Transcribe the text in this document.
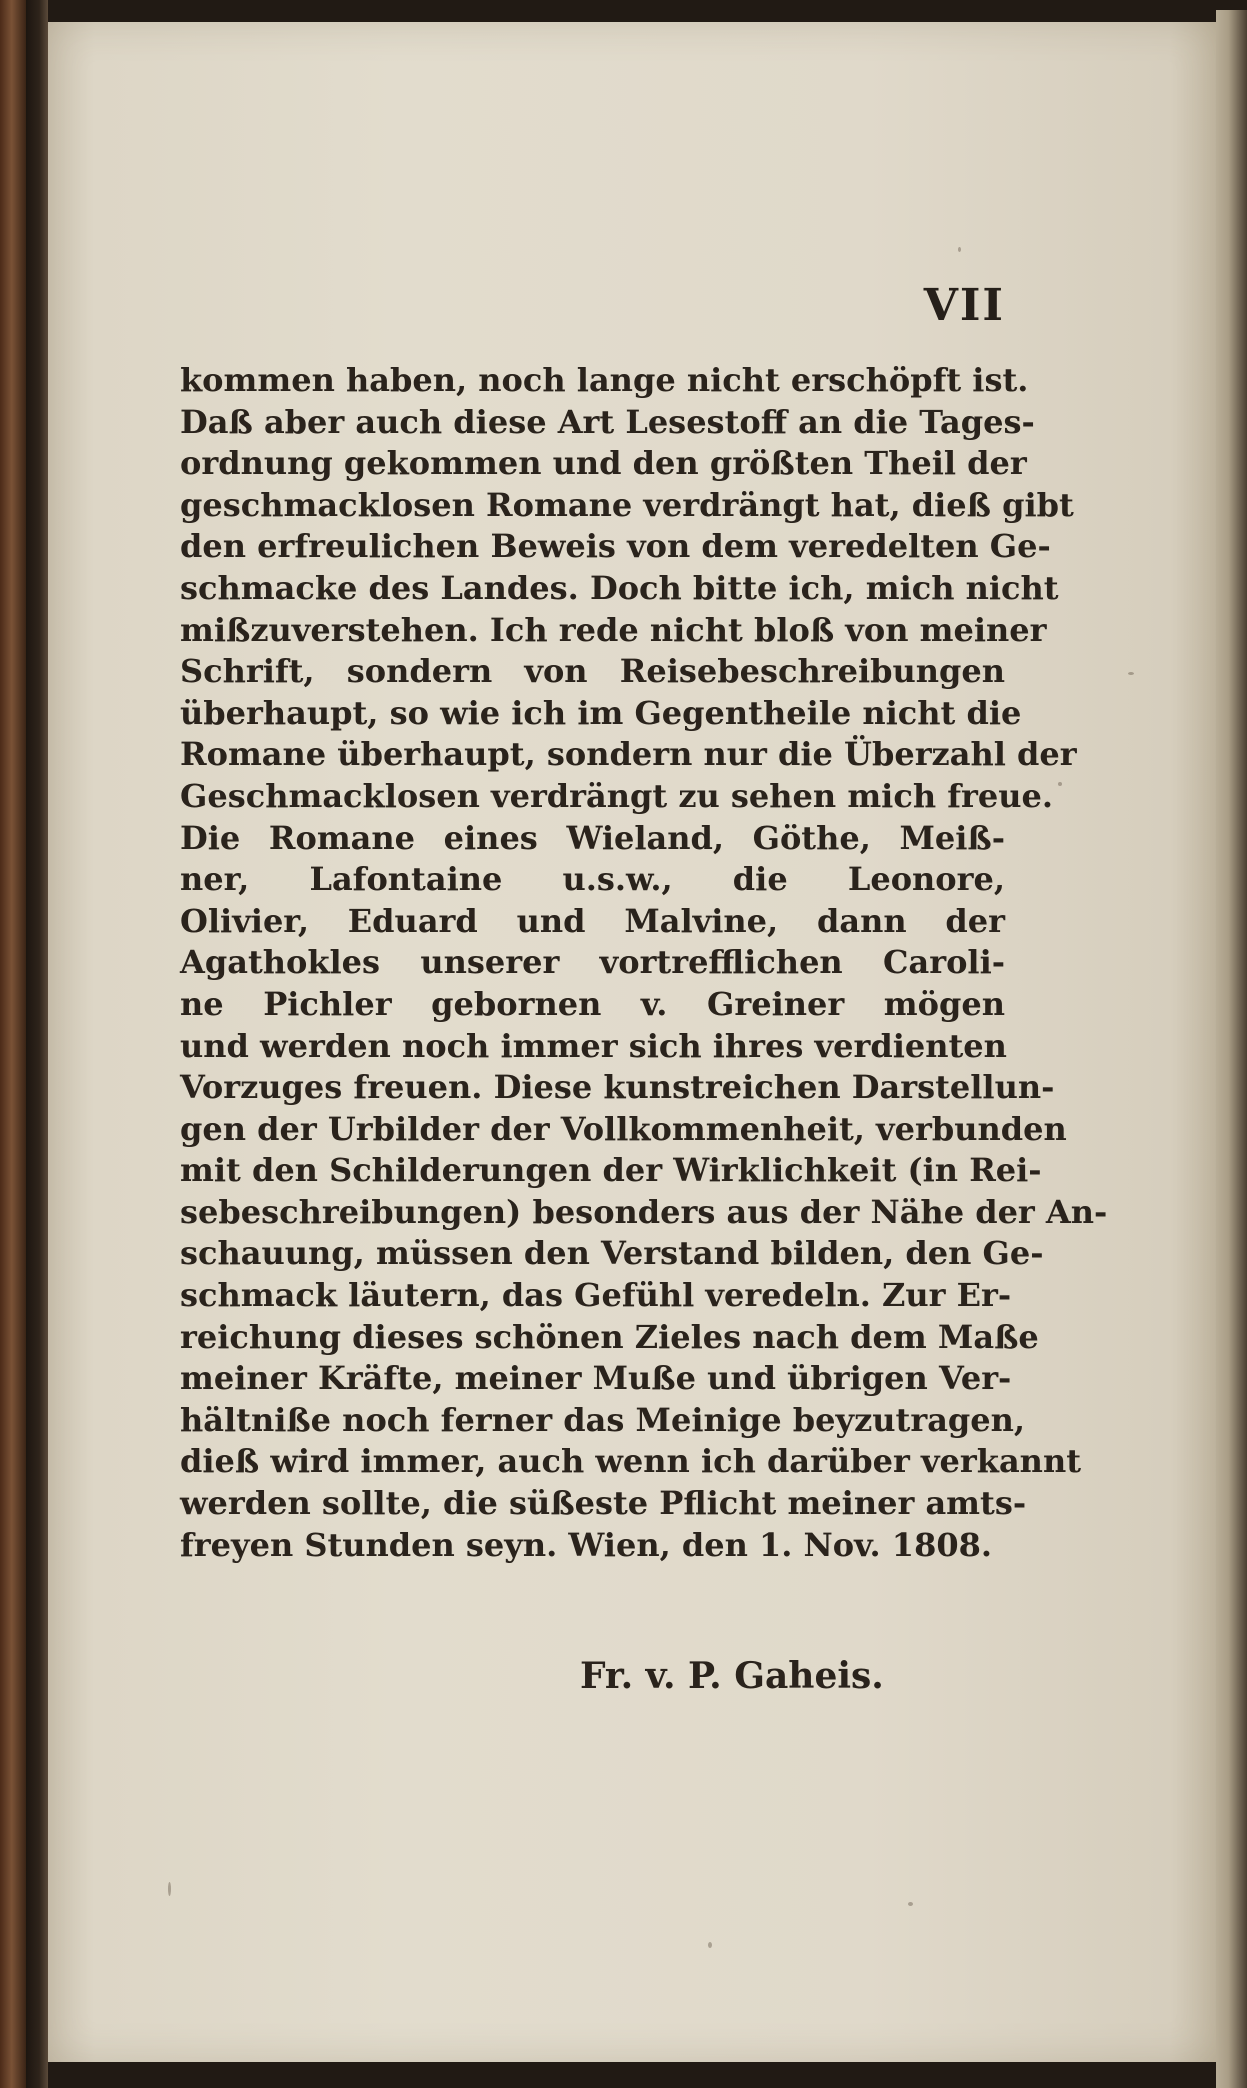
VII
kommen haben, noch lange nicht erschöpft ist.
Daß aber auch diese Art Lesestoff an die Tages-
ordnung gekommen und den größten Theil der
geschmacklosen Romane verdrängt hat, dieß gibt
den erfreulichen Beweis von dem veredelten Ge-
schmacke des Landes. Doch bitte ich, mich nicht
mißzuverstehen. Ich rede nicht bloß von meiner
Schrift, sondern von Reisebeschreibungen
überhaupt, so wie ich im Gegentheile nicht die
Romane überhaupt, sondern nur die Überzahl der
Geschmacklosen verdrängt zu sehen mich freue.
Die Romane eines Wieland, Göthe, Meiß-
ner, Lafontaine u.s.w., die Leonore,
Olivier, Eduard und Malvine, dann der
Agathokles unserer vortrefflichen Caroli-
ne Pichler gebornen v. Greiner mögen
und werden noch immer sich ihres verdienten
Vorzuges freuen. Diese kunstreichen Darstellun-
gen der Urbilder der Vollkommenheit, verbunden
mit den Schilderungen der Wirklichkeit (in Rei-
sebeschreibungen) besonders aus der Nähe der An-
schauung, müssen den Verstand bilden, den Ge-
schmack läutern, das Gefühl veredeln. Zur Er-
reichung dieses schönen Zieles nach dem Maße
meiner Kräfte, meiner Muße und übrigen Ver-
hältniße noch ferner das Meinige beyzutragen,
dieß wird immer, auch wenn ich darüber verkannt
werden sollte, die süßeste Pflicht meiner amts-
freyen Stunden seyn. Wien, den 1. Nov. 1808.
Fr. v. P. Gaheis.
